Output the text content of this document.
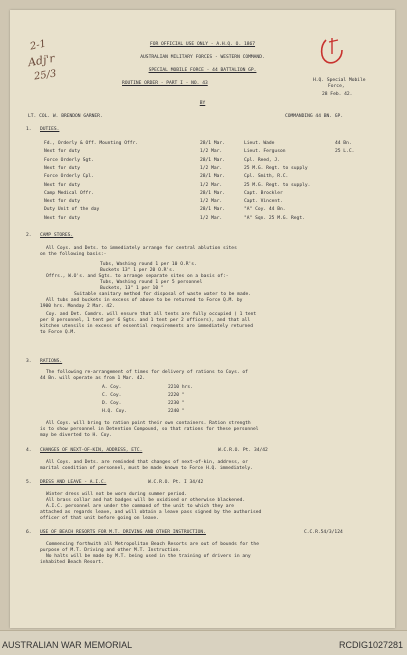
2-1
Adj'r
25/3
FOR OFFICIAL USE ONLY - A.H.Q. O. 1867
AUSTRALIAN MILITARY FORCES - WESTERN COMMAND.
SPECIAL MOBILE FORCE - 44 BATTALION GP.
ROUTINE ORDER - PART I - NO. 43
H.Q. Special Mobile
Force,
28 Feb. 42.
BY
LT. COL. W. BRENDON GARNER.	COMMANDING 44 BN. GP.
1. DUTIES.
Fd., Orderly & Off. Mounting Offr.	28/1 Mar.	Lieut. Wade	44 Bn.
Next for duty	1/2 Mar.	Lieut. Ferguson	25 L.C.
Force Orderly Sgt.	28/1 Mar.	Cpl. Reed, J.
Next for duty	1/2 Mar.	25 M.G. Regt. to supply
Force Orderly Cpl.	28/1 Mar.	Cpl. Smith, R.C.
Next for duty	1/2 Mar.	25 M.G. Regt. to supply.
Camp Medical Offr.	28/1 Mar.	Capt. Brockler
Next for duty	1/2 Mar.	Capt. Vincent.
Duty Unit of the day	28/1 Mar.	"A" Coy. 44 Bn.
Next for duty	1/2 Mar.	"A" Sqn. 25 M.G. Regt.
2. CAMP STORES.
All Coys. and Dets. to immediately arrange for central ablution sites
on the following basis:-
Tubs, Washing round 1 per 10 O.R's.
Buckets 13" 1 per 20 O.R's.
Offrs., W.O's. and Sgts. to arrange separate sites on a basis of:-
Tubs, Washing round 1 per 5 personnel
Buckets, 13" 1 per 10 "
Suitable sanitary method for disposal of waste water to be made.
All tubs and buckets in excess of above to be returned to Force Q.M. by
1900 hrs. Monday 2 Mar. 42.
Coy. and Det. Comdrs. will ensure that all tents are fully occupied ( 1 tent
per 8 personnel, 1 tent per 6 Sgts. and 1 tent per 2 officers), and that all
kitchen utensils in excess of essential requirements are immediately returned
to Force Q.M.
3. RATIONS.
The following re-arrangement of times for delivery of rations to Coys. of
44 Bn. will operate as from 1 Mar. 42.
A. Coy.	2210 hrs.
C. Coy.	2220 "
D. Coy.	2230 "
H.Q. Coy.	2240 "
All Coys. will bring to ration point their own containers. Ration strength
is to show personnel in Detention Compound, so that rations for these personnel
may be diverted to H. Coy.
4. CHANGES OF NEXT-OF-KIN, ADDRESS, ETC.	W.C.R.O. Pt. 34/42
All Coys. and Dets. are reminded that changes of next-of-kin, address, or
marital condition of personnel, must be made known to Force H.Q. immediately.
5. DRESS AND LEAVE - A.I.C.	W.C.R.O. Pt. I 34/42
Winter dress will not be worn during summer period.
All brass collar and hat badges will be oxidised or otherwise blackened.
A.I.C. personnel are under the command of the unit to which they are
attached as regards leave, and will obtain a leave pass signed by the authorised
officer of that unit before going on leave.
6. USE OF BEACH RESORTS FOR M.T. DRIVING AND OTHER INSTRUCTION.	C.C.R.54/3/124
Commencing forthwith all Metropolitan Beach Resorts are out of bounds for the
purpose of M.T. Driving and other M.T. Instruction.
No halts will be made by M.T. being used in the training of drivers in any
inhabited Beach Resort.
AUSTRALIAN WAR MEMORIAL	RCDIG1027281
